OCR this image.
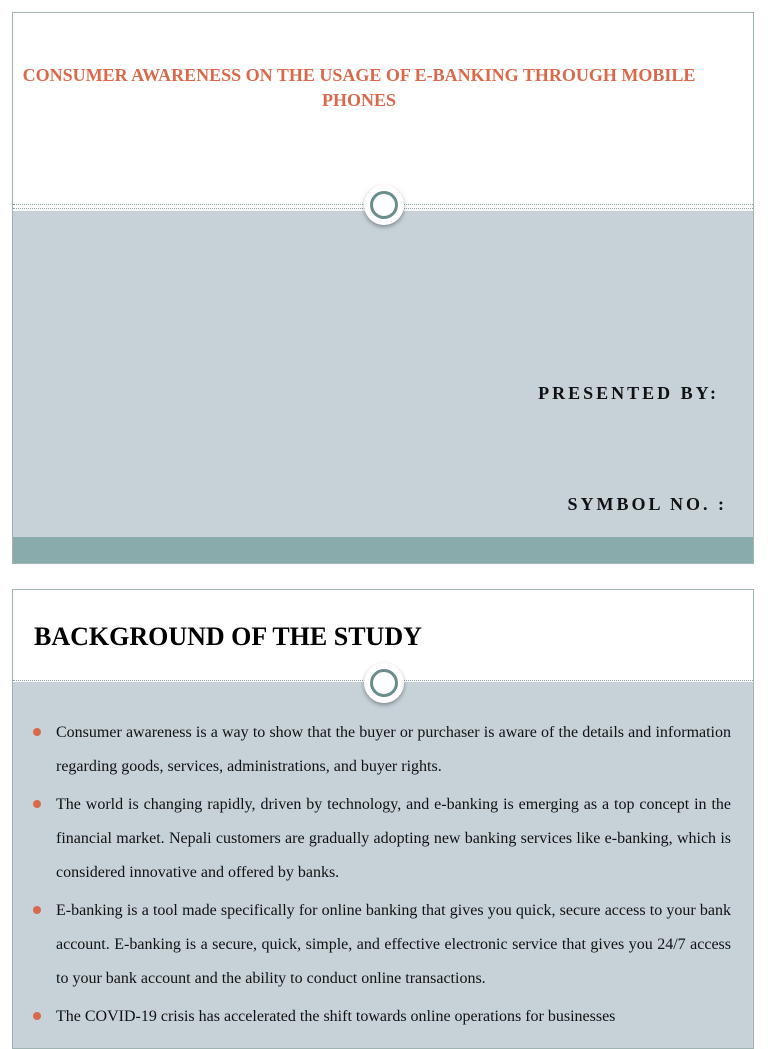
CONSUMER AWARENESS ON THE USAGE OF E-BANKING THROUGH MOBILE PHONES
PRESENTED BY:
SYMBOL NO. :
BACKGROUND OF THE STUDY
Consumer awareness is a way to show that the buyer or purchaser is aware of the details and information regarding goods, services, administrations, and buyer rights.
The world is changing rapidly, driven by technology, and e-banking is emerging as a top concept in the financial market. Nepali customers are gradually adopting new banking services like e-banking, which is considered innovative and offered by banks.
E-banking is a tool made specifically for online banking that gives you quick, secure access to your bank account. E-banking is a secure, quick, simple, and effective electronic service that gives you 24/7 access to your bank account and the ability to conduct online transactions.
The COVID-19 crisis has accelerated the shift towards online operations for businesses
